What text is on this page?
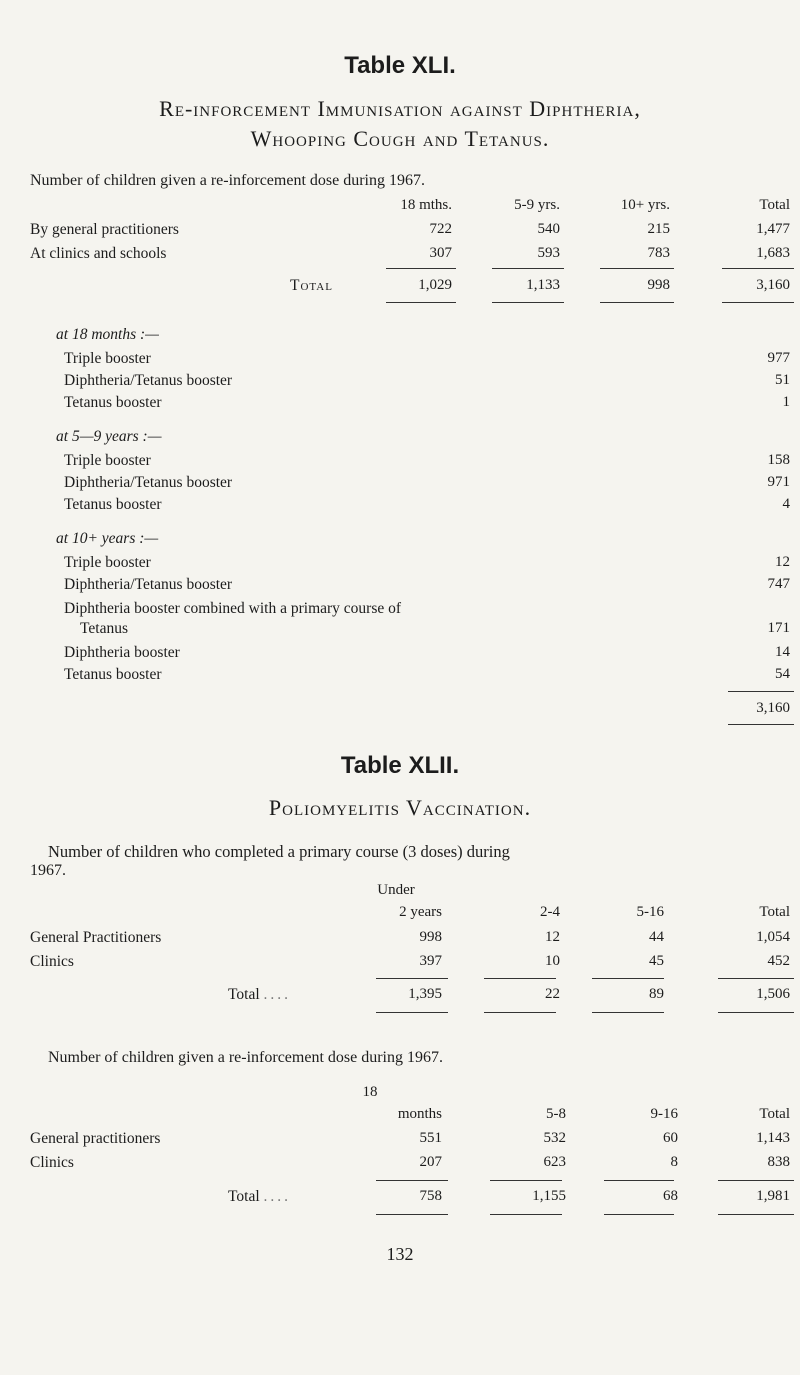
Table XLI.
Re-inforcement Immunisation against Diphtheria,
Whooping Cough and Tetanus.
Number of children given a re-inforcement dose during 1967.
18 mths.	5-9 yrs.	10+ yrs.	Total
By general practitioners	722	540	215	1,477
At clinics and schools	307	593	783	1,683
Total	1,029	1,133	998	3,160
at 18 months :—
Triple booster	977
Diphtheria/Tetanus booster	51
Tetanus booster	1
at 5—9 years :—
Triple booster	158
Diphtheria/Tetanus booster	971
Tetanus booster	4
at 10+ years :—
Triple booster	12
Diphtheria/Tetanus booster	747
Diphtheria booster combined with a primary course of
Tetanus	171
Diphtheria booster	14
Tetanus booster	54
3,160
Table XLII.
Poliomyelitis Vaccination.
Number of children who completed a primary course (3 doses) during
1967.
Under
2 years	2-4	5-16	Total
General Practitioners	998	12	44	1,054
Clinics	397	10	45	452
Total ....	1,395	22	89	1,506
Number of children given a re-inforcement dose during 1967.
18
months	5-8	9-16	Total
General practitioners	551	532	60	1,143
Clinics	207	623	8	838
Total ....	758	1,155	68	1,981
132
